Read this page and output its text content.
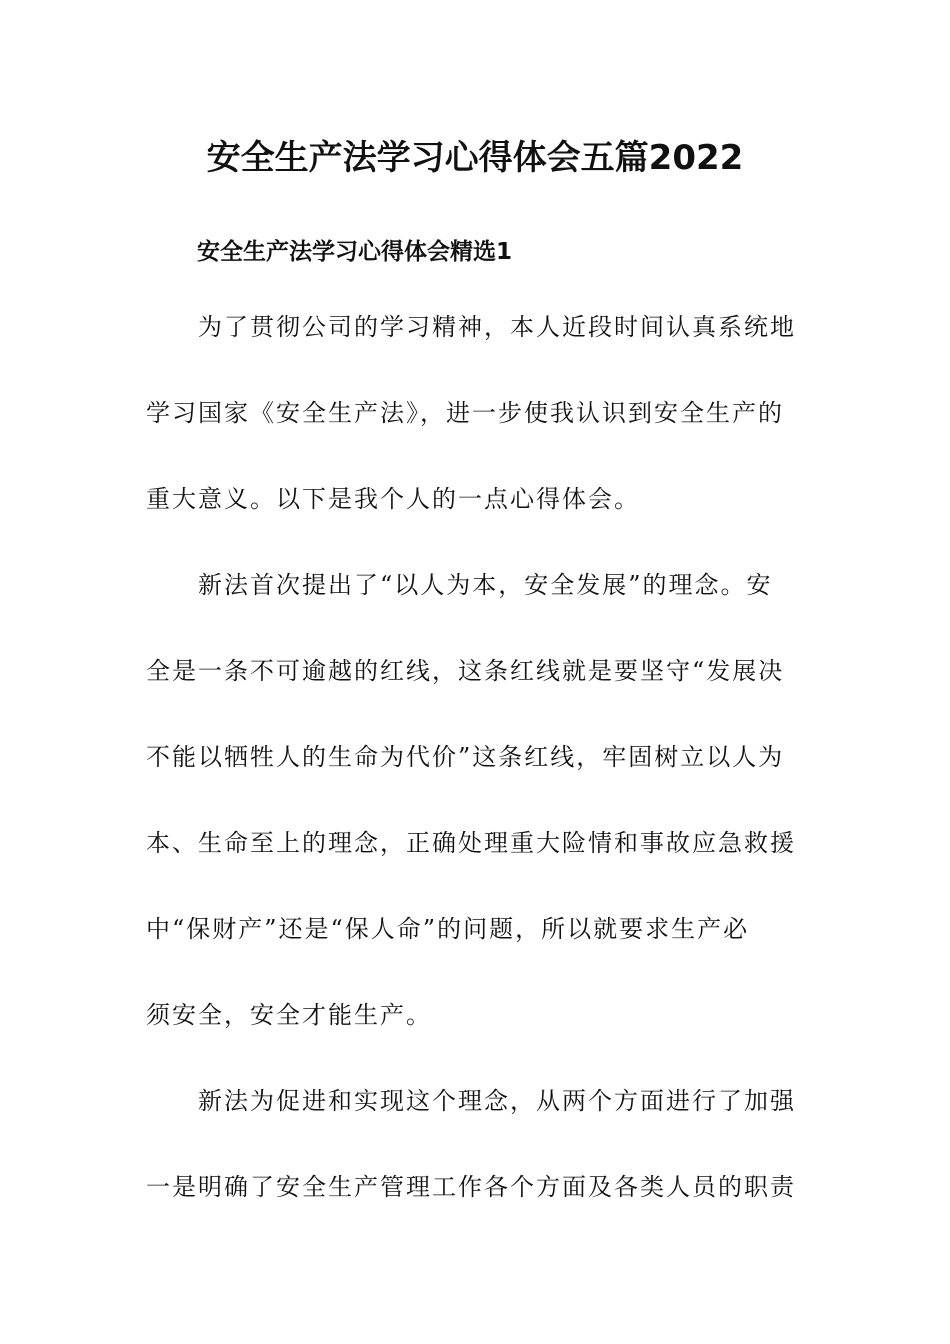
安全生产法学习心得体会五篇2022
安全生产法学习心得体会精选1
为了贯彻公司的学习精神，本人近段时间认真系统地
学习国家《安全生产法》，进一步使我认识到安全生产的
重大意义。以下是我个人的一点心得体会。
新法首次提出了“以人为本，安全发展”的理念。安
全是一条不可逾越的红线，这条红线就是要坚守“发展决
不能以牺牲人的生命为代价”这条红线，牢固树立以人为
本、生命至上的理念，正确处理重大险情和事故应急救援
中“保财产”还是“保人命”的问题，所以就要求生产必
须安全，安全才能生产。
新法为促进和实现这个理念，从两个方面进行了加强
一是明确了安全生产管理工作各个方面及各类人员的职责
